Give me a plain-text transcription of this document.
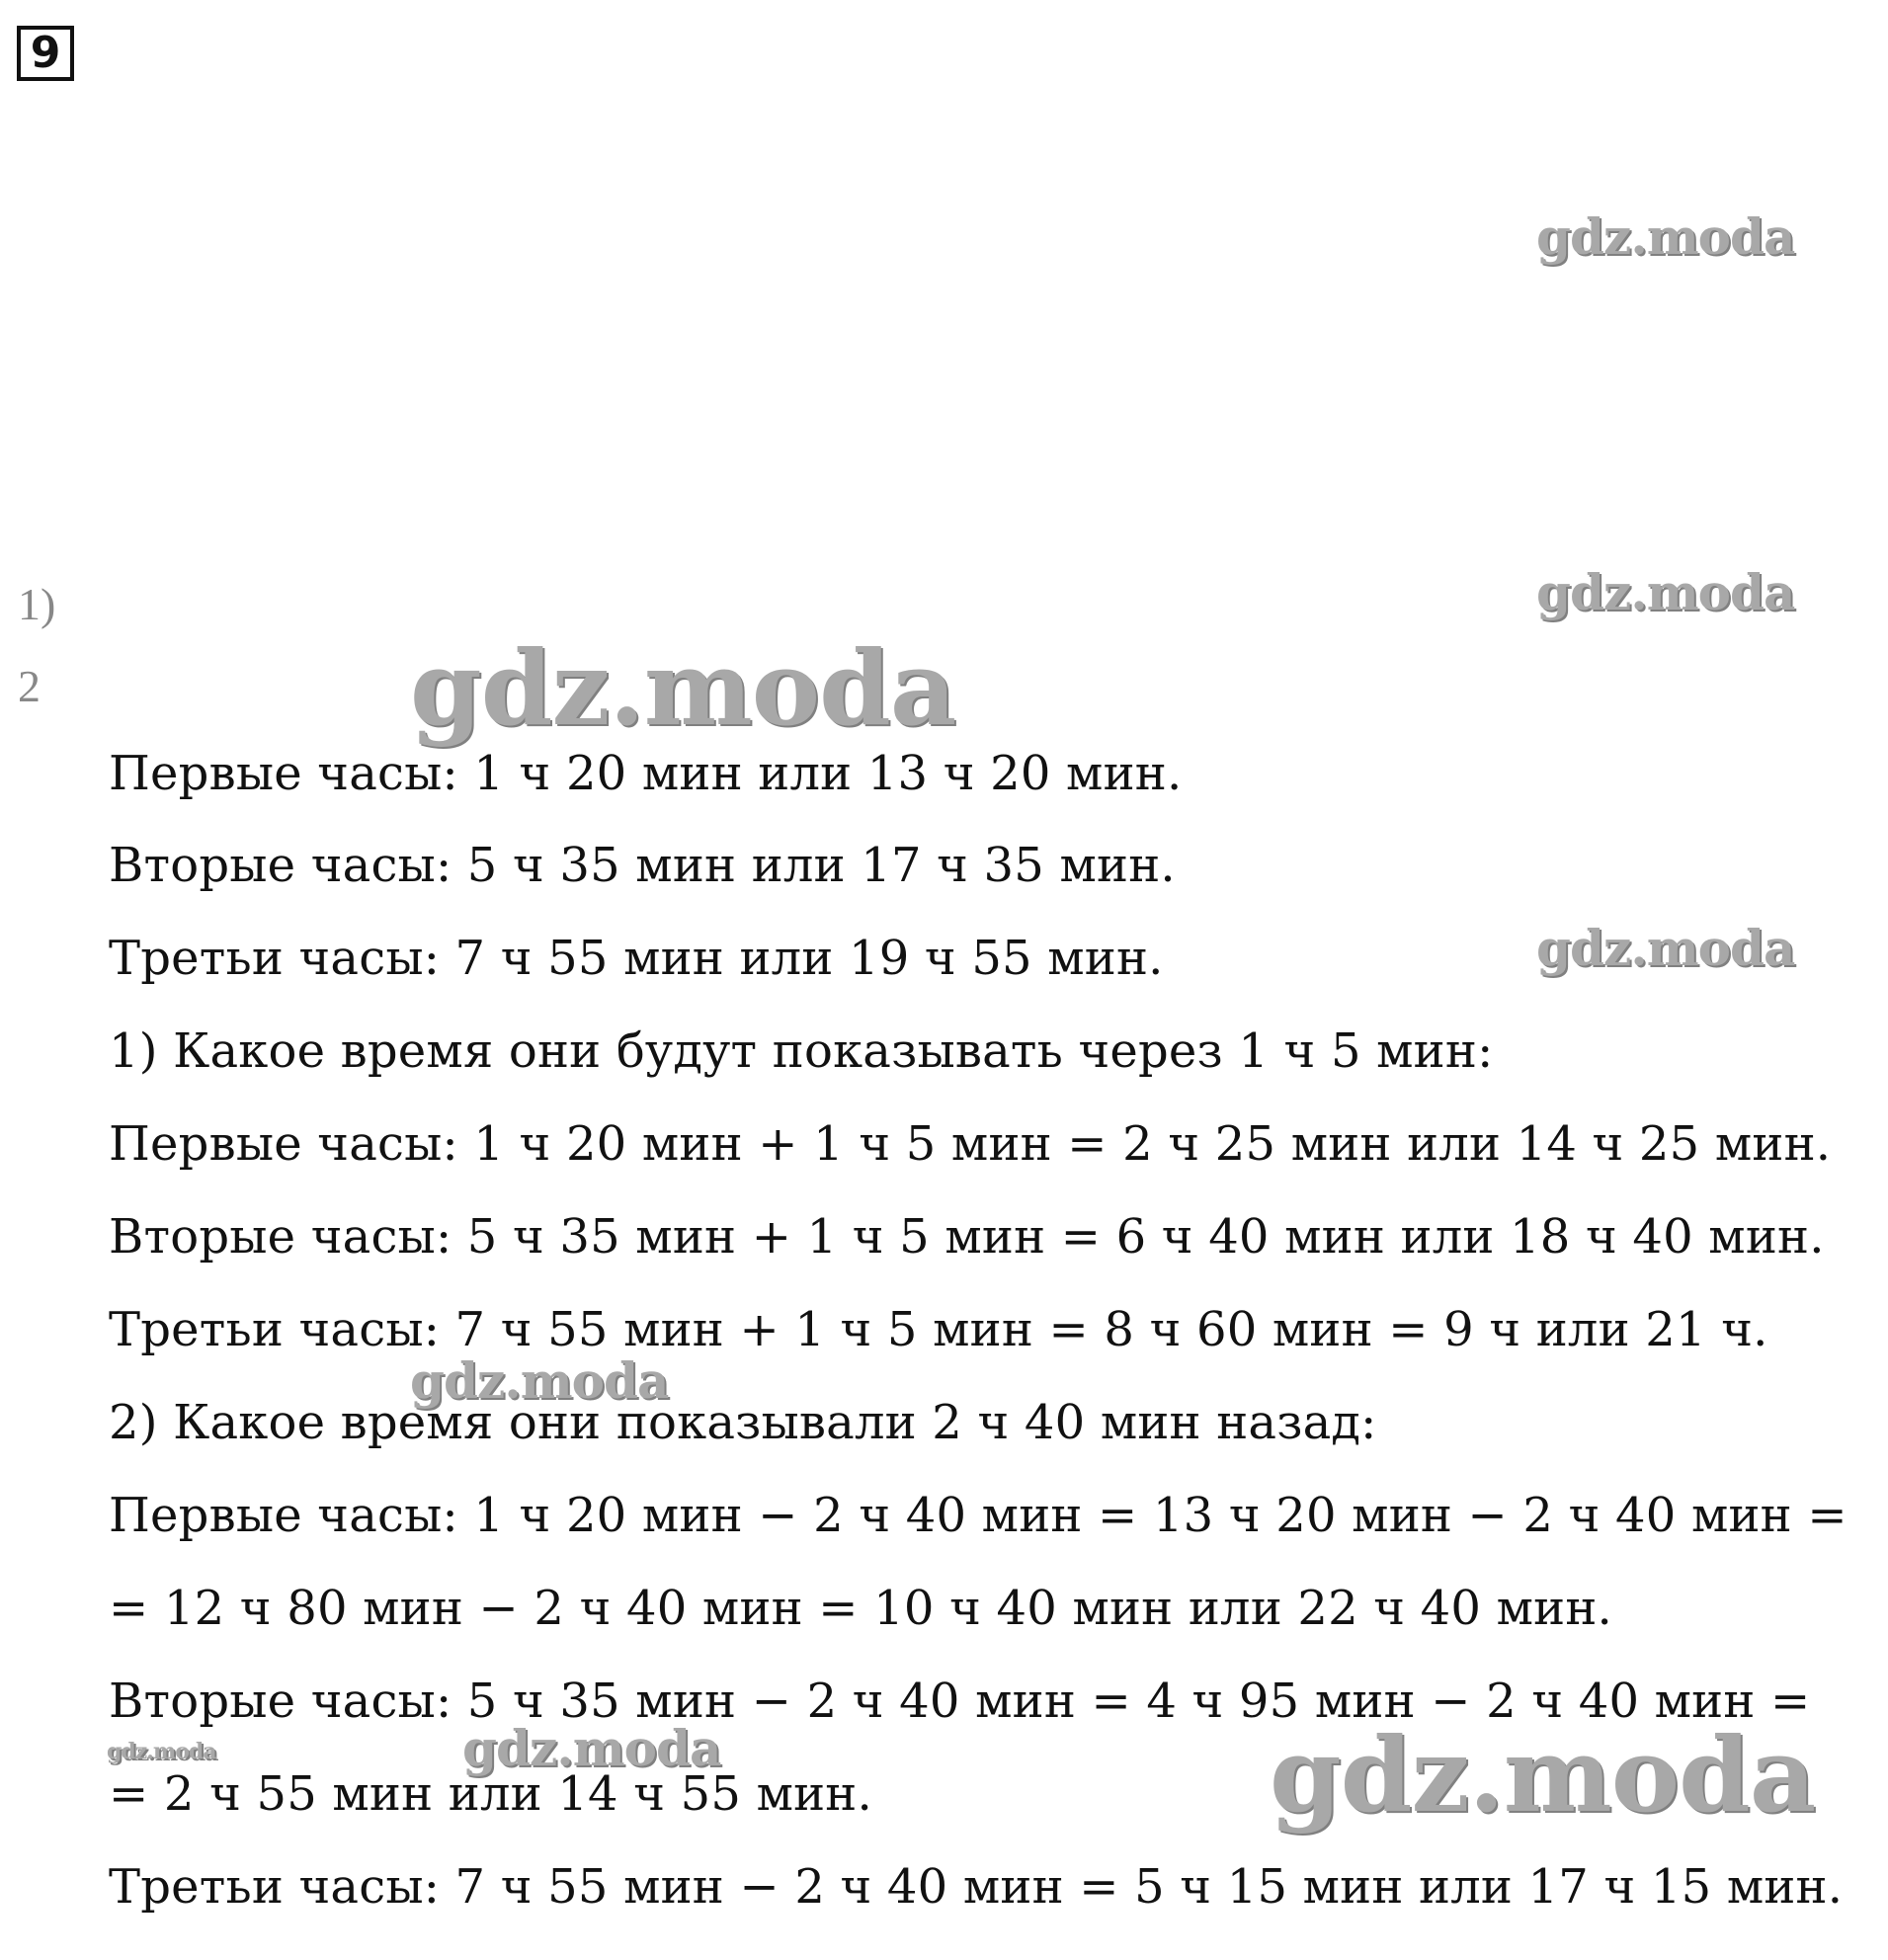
9
1)
2
gdz.moda
gdz.moda
gdz.moda
gdz.moda
gdz.moda
gdz.moda	gdz.moda	gdz.moda
Первые часы: 1 ч 20 мин или 13 ч 20 мин.
Вторые часы: 5 ч 35 мин или 17 ч 35 мин.
Третьи часы: 7 ч 55 мин или 19 ч 55 мин.
1) Какое время они будут показывать через 1 ч 5 мин:
Первые часы: 1 ч 20 мин + 1 ч 5 мин = 2 ч 25 мин или 14 ч 25 мин.
Вторые часы: 5 ч 35 мин + 1 ч 5 мин = 6 ч 40 мин или 18 ч 40 мин.
Третьи часы: 7 ч 55 мин + 1 ч 5 мин = 8 ч 60 мин = 9 ч или 21 ч.
2) Какое время они показывали 2 ч 40 мин назад:
Первые часы: 1 ч 20 мин − 2 ч 40 мин = 13 ч 20 мин − 2 ч 40 мин =
= 12 ч 80 мин − 2 ч 40 мин = 10 ч 40 мин или 22 ч 40 мин.
Вторые часы: 5 ч 35 мин − 2 ч 40 мин = 4 ч 95 мин − 2 ч 40 мин =
= 2 ч 55 мин или 14 ч 55 мин.
Третьи часы: 7 ч 55 мин − 2 ч 40 мин = 5 ч 15 мин или 17 ч 15 мин.
